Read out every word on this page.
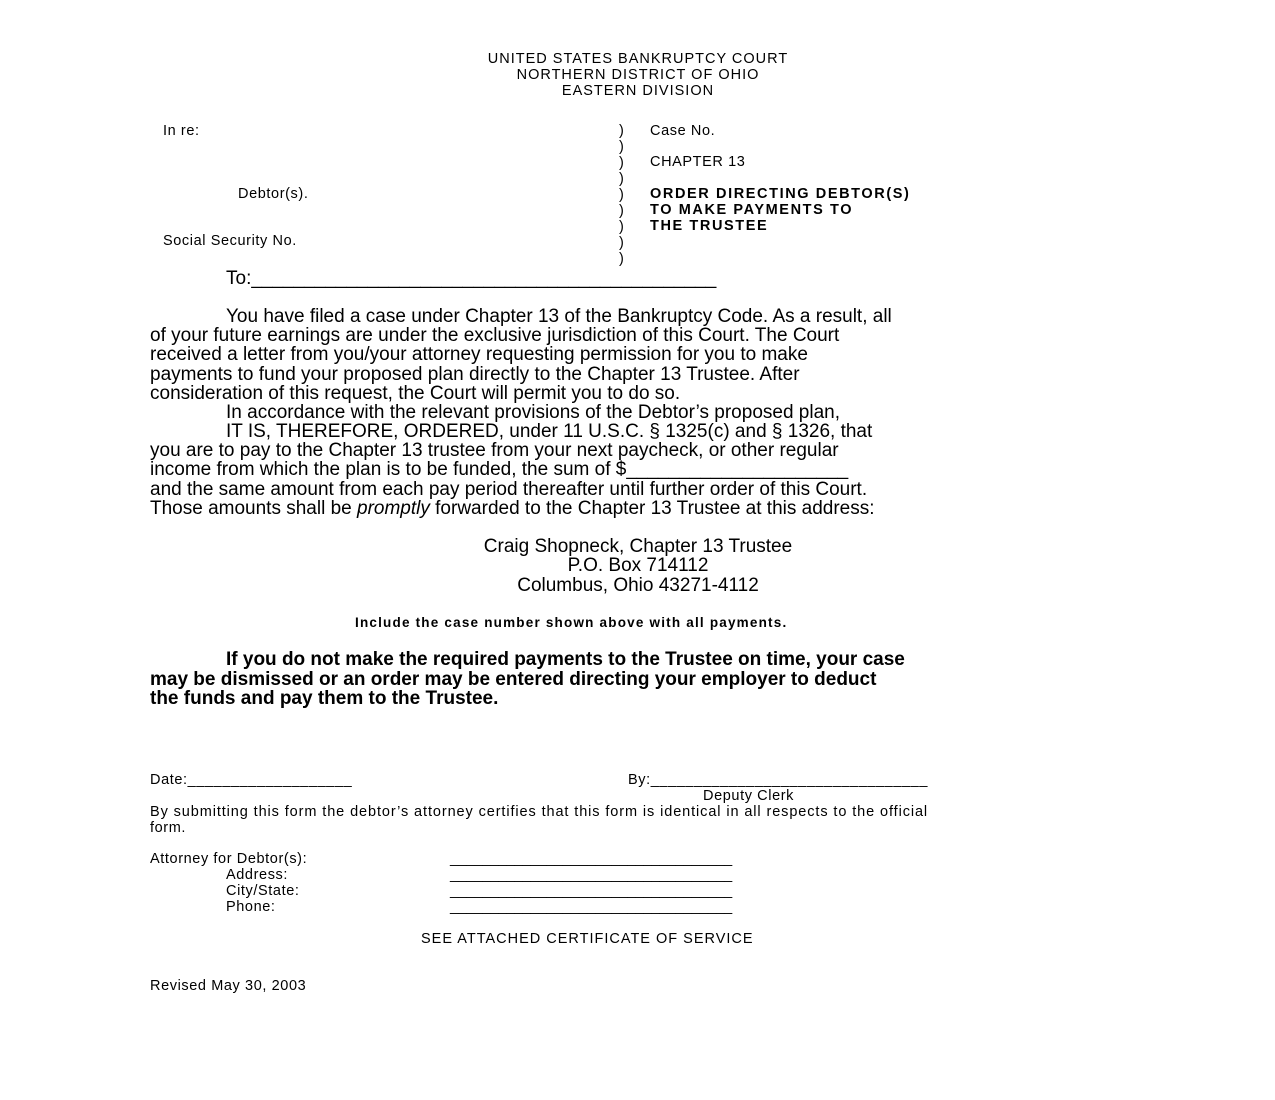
UNITED STATES BANKRUPTCY COURT
NORTHERN DISTRICT OF OHIO
EASTERN DIVISION
In re:
Debtor(s).
Social Security No.
)
)
)
)
)
)
)
)
)
Case No.
CHAPTER 13
ORDER DIRECTING DEBTOR(S)
TO MAKE PAYMENTS TO
THE TRUSTEE
To:____________________________________________
You have filed a case under Chapter 13 of the Bankruptcy Code. As a result, all
of your future earnings are under the exclusive jurisdiction of this Court. The Court
received a letter from you/your attorney requesting permission for you to make
payments to fund your proposed plan directly to the Chapter 13 Trustee. After
consideration of this request, the Court will permit you to do so.
In accordance with the relevant provisions of the Debtor’s proposed plan,
IT IS, THEREFORE, ORDERED, under 11 U.S.C. § 1325(c) and § 1326, that
you are to pay to the Chapter 13 trustee from your next paycheck, or other regular
income from which the plan is to be funded, the sum of $_____________________
and the same amount from each pay period thereafter until further order of this Court.
Those amounts shall be promptly forwarded to the Chapter 13 Trustee at this address:
Craig Shopneck, Chapter 13 Trustee
P.O. Box 714112
Columbus, Ohio 43271-4112
Include the case number shown above with all payments.
If you do not make the required payments to the Trustee on time, your case
may be dismissed or an order may be entered directing your employer to deduct
the funds and pay them to the Trustee.
Date:___________________	By:________________________________
Deputy Clerk
By submitting this form the debtor’s attorney certifies that this form is identical in all respects to the official
form.
Attorney for Debtor(s):
Address:
City/State:
Phone:
___________________________________
___________________________________
___________________________________
___________________________________
SEE ATTACHED CERTIFICATE OF SERVICE
Revised May 30, 2003
